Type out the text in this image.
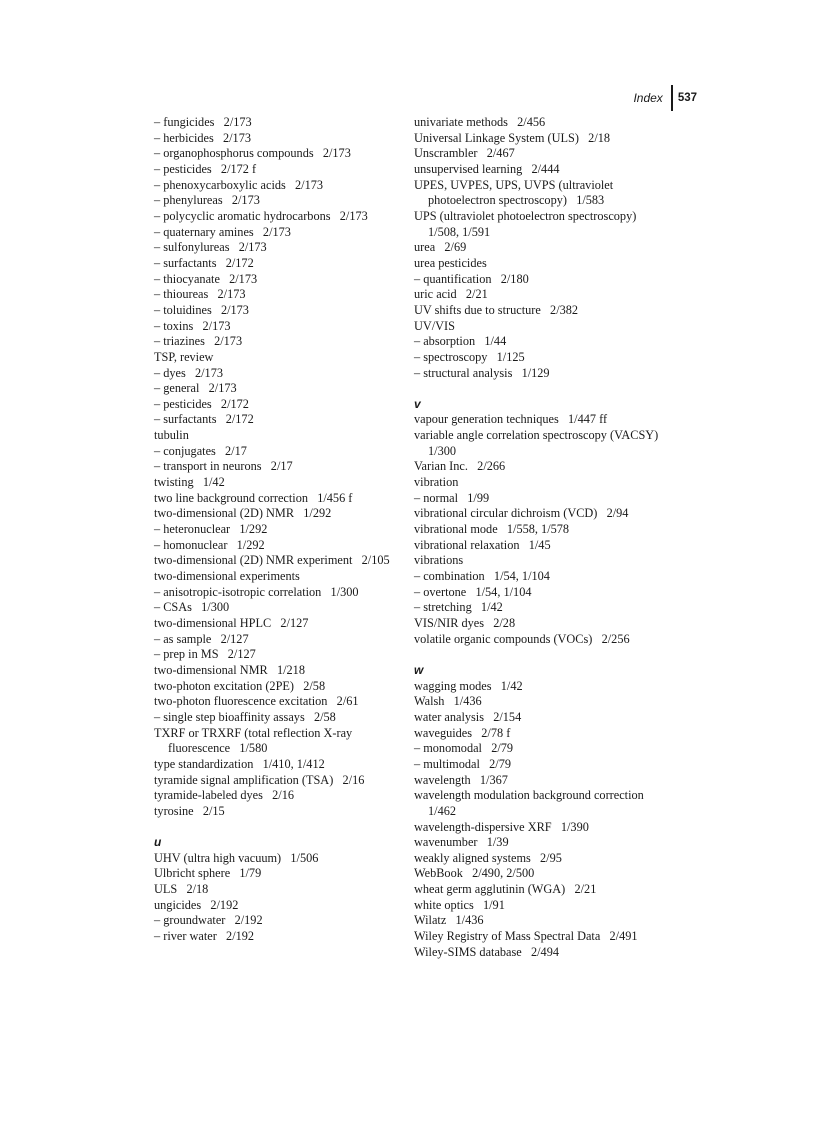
Index 537
– fungicides   2/173
– herbicides   2/173
– organophosphorus compounds   2/173
– pesticides   2/172 f
– phenoxycarboxylic acids   2/173
– phenylureas   2/173
– polycyclic aromatic hydrocarbons   2/173
– quaternary amines   2/173
– sulfonylureas   2/173
– surfactants   2/172
– thiocyanate   2/173
– thioureas   2/173
– toluidines   2/173
– toxins   2/173
– triazines   2/173
TSP, review
– dyes   2/173
– general   2/173
– pesticides   2/172
– surfactants   2/172
tubulin
– conjugates   2/17
– transport in neurons   2/17
twisting   1/42
two line background correction   1/456 f
two-dimensional (2D) NMR   1/292
– heteronuclear   1/292
– homonuclear   1/292
two-dimensional (2D) NMR experiment   2/105
two-dimensional experiments
– anisotropic-isotropic correlation   1/300
– CSAs   1/300
two-dimensional HPLC   2/127
– as sample   2/127
– prep in MS   2/127
two-dimensional NMR   1/218
two-photon excitation (2PE)   2/58
two-photon fluorescence excitation   2/61
– single step bioaffinity assays   2/58
TXRF or TRXRF (total reflection X-ray fluorescence   1/580
type standardization   1/410, 1/412
tyramide signal amplification (TSA)   2/16
tyramide-labeled dyes   2/16
tyrosine   2/15
u
UHV (ultra high vacuum)   1/506
Ulbricht sphere   1/79
ULS   2/18
ungicides   2/192
– groundwater   2/192
– river water   2/192
univariate methods   2/456
Universal Linkage System (ULS)   2/18
Unscrambler   2/467
unsupervised learning   2/444
UPES, UVPES, UPS, UVPS (ultraviolet photoelectron spectroscopy)   1/583
UPS (ultraviolet photoelectron spectroscopy)   1/508, 1/591
urea   2/69
urea pesticides
– quantification   2/180
uric acid   2/21
UV shifts due to structure   2/382
UV/VIS
– absorption   1/44
– spectroscopy   1/125
– structural analysis   1/129
v
vapour generation techniques   1/447 ff
variable angle correlation spectroscopy (VACSY)   1/300
Varian Inc.   2/266
vibration
– normal   1/99
vibrational circular dichroism (VCD)   2/94
vibrational mode   1/558, 1/578
vibrational relaxation   1/45
vibrations
– combination   1/54, 1/104
– overtone   1/54, 1/104
– stretching   1/42
VIS/NIR dyes   2/28
volatile organic compounds (VOCs)   2/256
w
wagging modes   1/42
Walsh   1/436
water analysis   2/154
waveguides   2/78 f
– monomodal   2/79
– multimodal   2/79
wavelength   1/367
wavelength modulation background correction   1/462
wavelength-dispersive XRF   1/390
wavenumber   1/39
weakly aligned systems   2/95
WebBook   2/490, 2/500
wheat germ agglutinin (WGA)   2/21
white optics   1/91
Wilatz   1/436
Wiley Registry of Mass Spectral Data   2/491
Wiley-SIMS database   2/494
